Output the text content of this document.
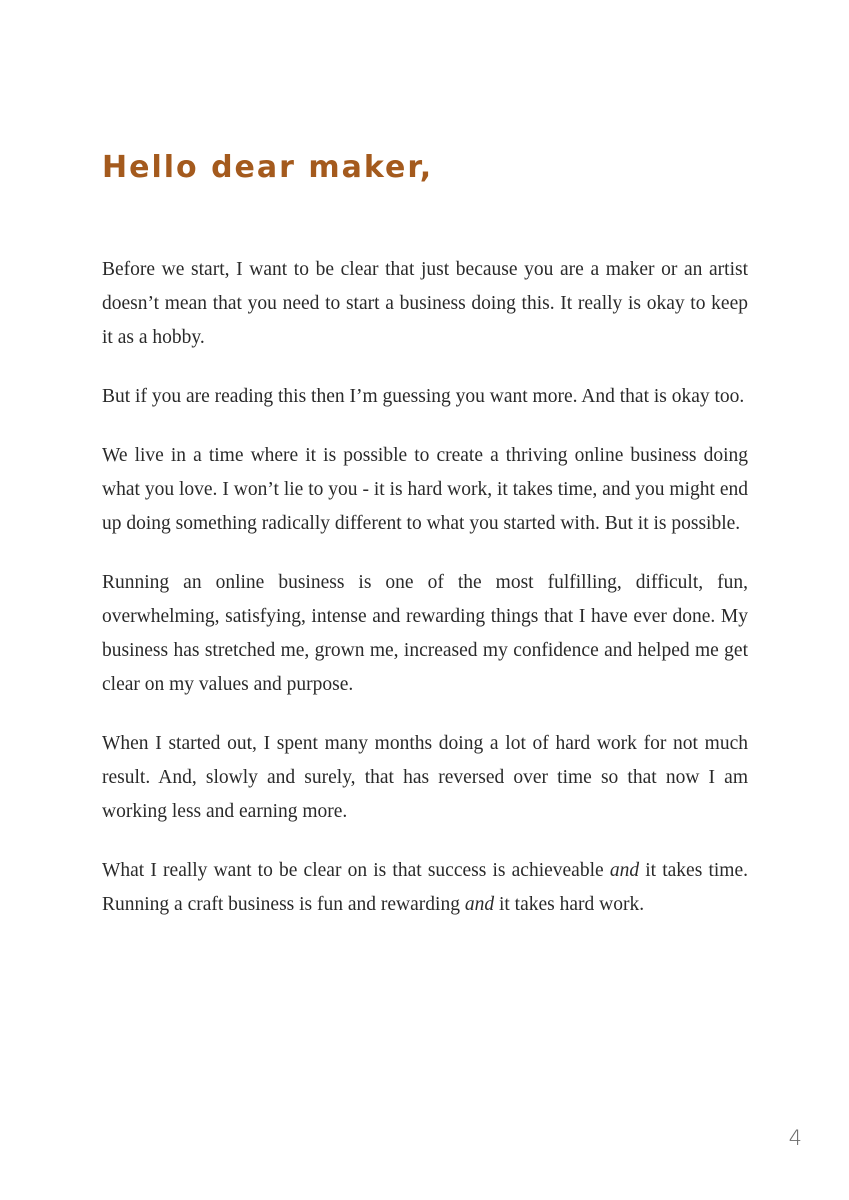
Hello dear maker,

Before we start, I want to be clear that just because you are a maker or an artist doesn’t mean that you need to start a business doing this. It really is okay to keep it as a hobby.

But if you are reading this then I’m guessing you want more. And that is okay too.

We live in a time where it is possible to create a thriving online business doing what you love. I won’t lie to you - it is hard work, it takes time, and you might end up doing something radically different to what you started with. But it is possible.

Running an online business is one of the most fulfilling, difficult, fun, overwhelming, satisfying, intense and rewarding things that I have ever done. My business has stretched me, grown me, increased my confidence and helped me get clear on my values and purpose.

When I started out, I spent many months doing a lot of hard work for not much result. And, slowly and surely, that has reversed over time so that now I am working less and earning more.

What I really want to be clear on is that success is achieveable and it takes time. Running a craft business is fun and rewarding and it takes hard work.

4
